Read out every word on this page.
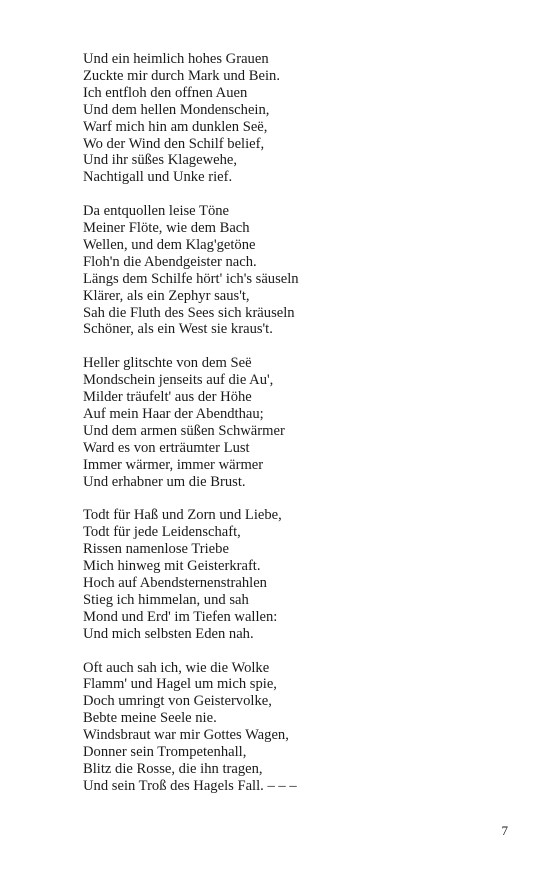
Und ein heimlich hohes Grauen
Zuckte mir durch Mark und Bein.
Ich entfloh den offnen Auen
Und dem hellen Mondenschein,
Warf mich hin am dunklen Seë,
Wo der Wind den Schilf belief,
Und ihr süßes Klagewehe,
Nachtigall und Unke rief.

Da entquollen leise Töne
Meiner Flöte, wie dem Bach
Wellen, und dem Klag'getöne
Floh'n die Abendgeister nach.
Längs dem Schilfe hört' ich's säuseln
Klärer, als ein Zephyr saus't,
Sah die Fluth des Sees sich kräuseln
Schöner, als ein West sie kraus't.

Heller glitschte von dem Seë
Mondschein jenseits auf die Au',
Milder träufelt' aus der Höhe
Auf mein Haar der Abendthau;
Und dem armen süßen Schwärmer
Ward es von erträumter Lust
Immer wärmer, immer wärmer
Und erhabner um die Brust.

Todt für Haß und Zorn und Liebe,
Todt für jede Leidenschaft,
Rissen namenlose Triebe
Mich hinweg mit Geisterkraft.
Hoch auf Abendsternenstrahlen
Stieg ich himmelan, und sah
Mond und Erd' im Tiefen wallen:
Und mich selbsten Eden nah.

Oft auch sah ich, wie die Wolke
Flamm' und Hagel um mich spie,
Doch umringt von Geistervolke,
Bebte meine Seele nie.
Windsbraut war mir Gottes Wagen,
Donner sein Trompetenhall,
Blitz die Rosse, die ihn tragen,
Und sein Troß des Hagels Fall. – – –

7
